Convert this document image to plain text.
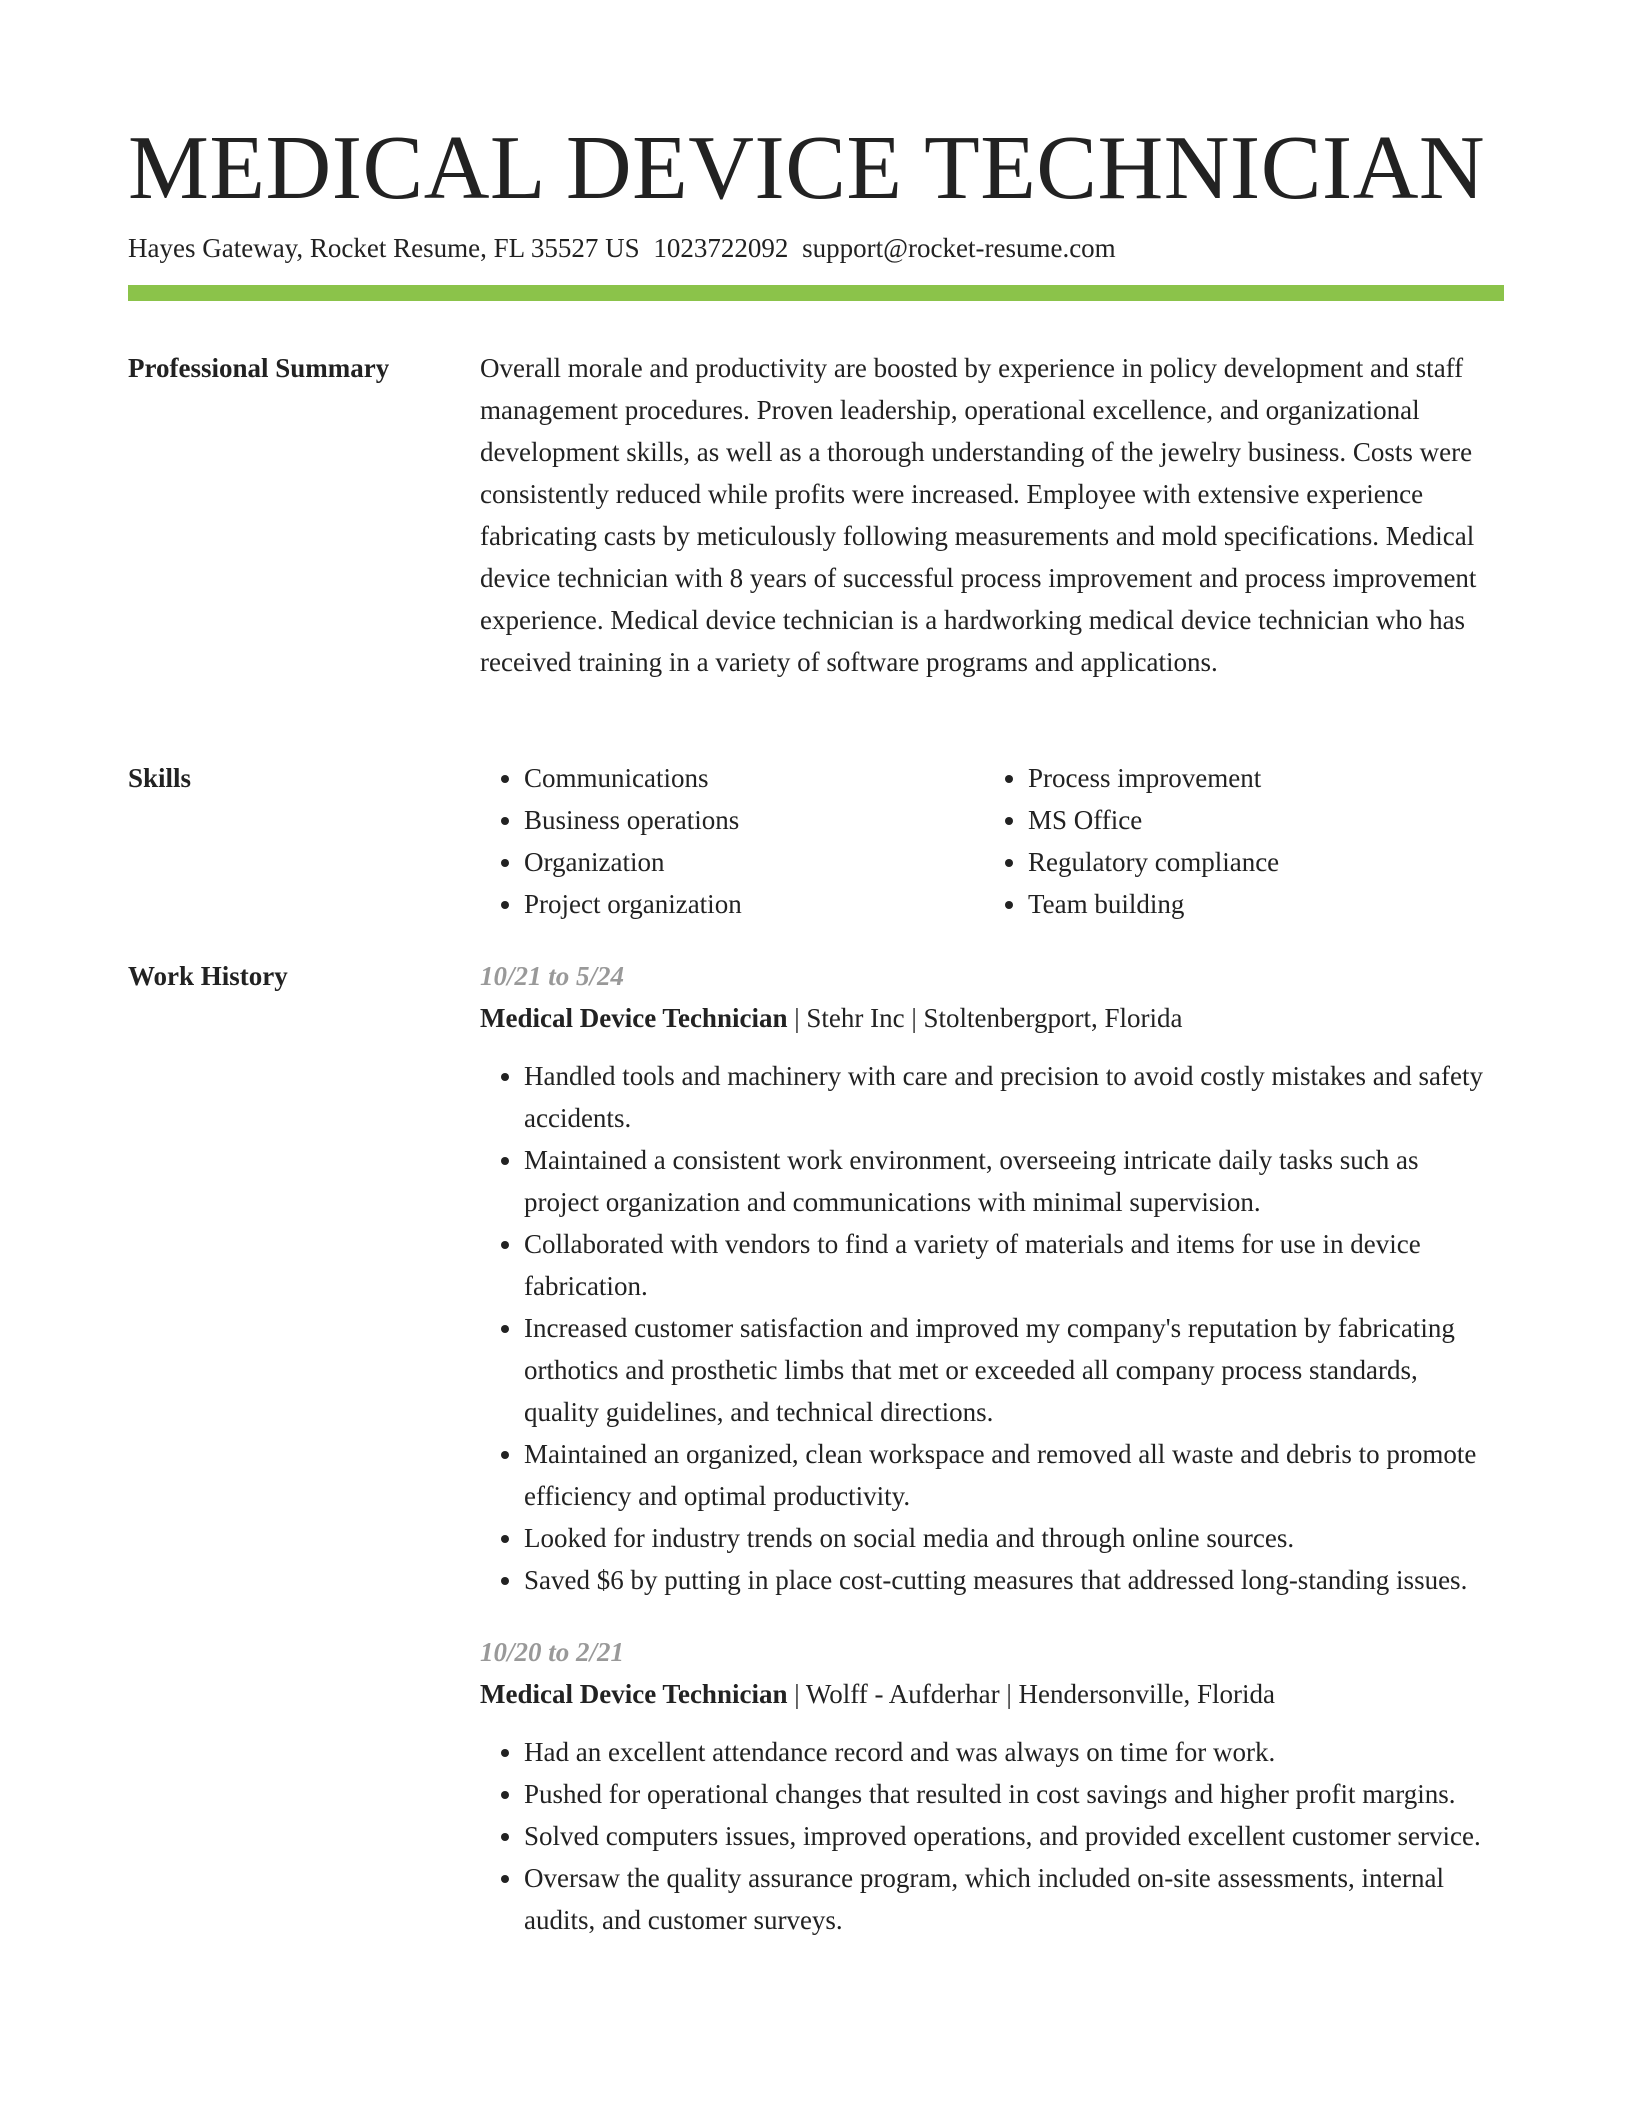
MEDICAL DEVICE TECHNICIAN
Hayes Gateway, Rocket Resume, FL 35527 US 1023722092 support@rocket-resume.com
Professional Summary	Overall morale and productivity are boosted by experience in policy development and staff management procedures. Proven leadership, operational excellence, and organizational development skills, as well as a thorough understanding of the jewelry business. Costs were consistently reduced while profits were increased. Employee with extensive experience fabricating casts by meticulously following measurements and mold specifications. Medical device technician with 8 years of successful process improvement and process improvement experience. Medical device technician is a hardworking medical device technician who has received training in a variety of software programs and applications.

Skills
•	Communications
• Business operations
• Organization
• Project organization
• Process improvement
• MS Office
• Regulatory compliance
• Team building
Work History	10/21 to 5/24
Medical Device Technician | Stehr Inc | Stoltenbergport, Florida
• Handled tools and machinery with care and precision to avoid costly mistakes and safety accidents.
• Maintained a consistent work environment, overseeing intricate daily tasks such as project organization and communications with minimal supervision.
• Collaborated with vendors to find a variety of materials and items for use in device fabrication.
• Increased customer satisfaction and improved my company's reputation by fabricating orthotics and prosthetic limbs that met or exceeded all company process standards, quality guidelines, and technical directions.
• Maintained an organized, clean workspace and removed all waste and debris to promote efficiency and optimal productivity.
• Looked for industry trends on social media and through online sources.
• Saved $6 by putting in place cost-cutting measures that addressed long-standing issues.
10/20 to 2/21
Medical Device Technician | Wolff - Aufderhar | Hendersonville, Florida
• Had an excellent attendance record and was always on time for work.
• Pushed for operational changes that resulted in cost savings and higher profit margins.
• Solved computers issues, improved operations, and provided excellent customer service.
• Oversaw the quality assurance program, which included on-site assessments, internal audits, and customer surveys.
